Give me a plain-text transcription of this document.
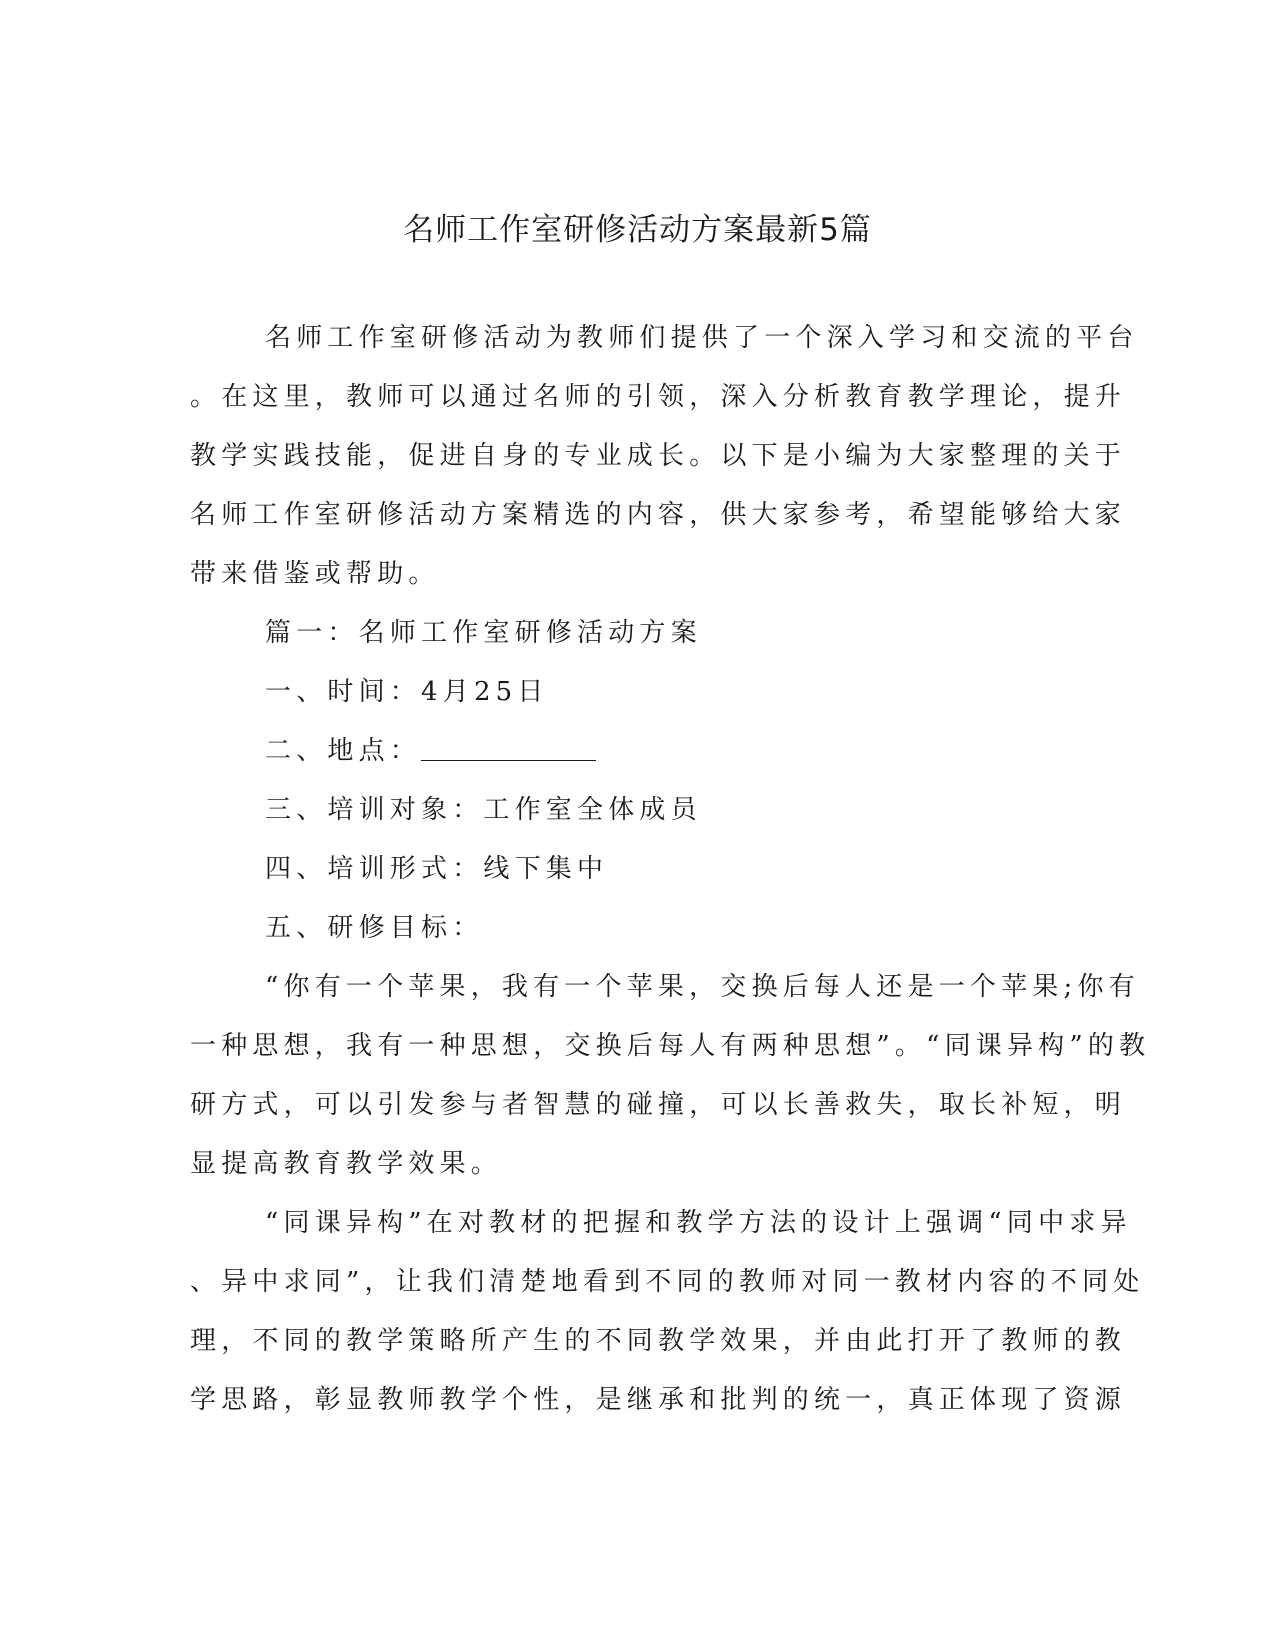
名师工作室研修活动方案最新5篇
名师工作室研修活动为教师们提供了一个深入学习和交流的平台
。在这里，教师可以通过名师的引领，深入分析教育教学理论，提升
教学实践技能，促进自身的专业成长。以下是小编为大家整理的关于
名师工作室研修活动方案精选的内容，供大家参考，希望能够给大家
带来借鉴或帮助。
篇一：名师工作室研修活动方案
一、时间：4月25日
二、地点：
三、培训对象：工作室全体成员
四、培训形式：线下集中
五、研修目标：
“你有一个苹果，我有一个苹果，交换后每人还是一个苹果;你有
一种思想，我有一种思想，交换后每人有两种思想”。“同课异构”的教
研方式，可以引发参与者智慧的碰撞，可以长善救失，取长补短，明
显提高教育教学效果。
“同课异构”在对教材的把握和教学方法的设计上强调“同中求异
、异中求同”，让我们清楚地看到不同的教师对同一教材内容的不同处
理，不同的教学策略所产生的不同教学效果，并由此打开了教师的教
学思路，彰显教师教学个性，是继承和批判的统一，真正体现了资源
